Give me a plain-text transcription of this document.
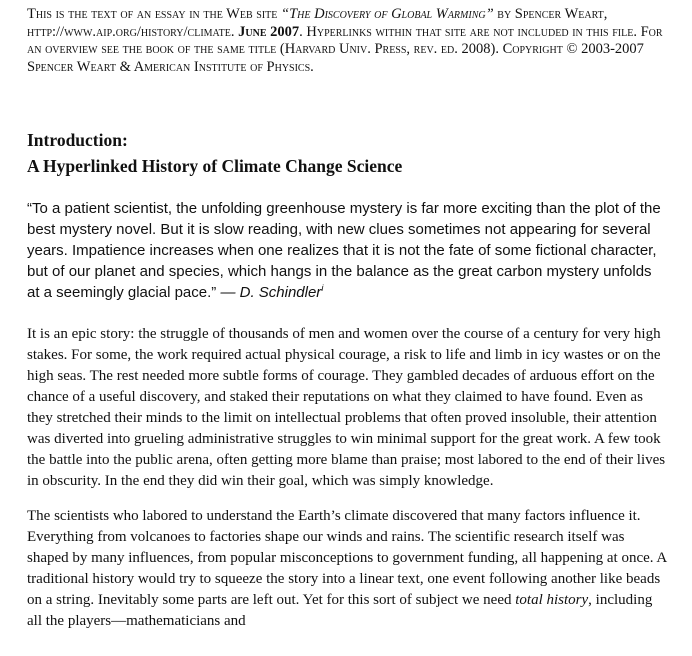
This is the text of an essay in the Web site “The Discovery of Global Warming” by Spencer Weart, http://www.aip.org/history/climate. June 2007. Hyperlinks within that site are not included in this file. For an overview see the book of the same title (Harvard Univ. Press, rev. ed. 2008). Copyright © 2003-2007 Spencer Weart & American Institute of Physics.

Introduction:
A Hyperlinked History of Climate Change Science

“To a patient scientist, the unfolding greenhouse mystery is far more exciting than the plot of the best mystery novel. But it is slow reading, with new clues sometimes not appearing for several years. Impatience increases when one realizes that it is not the fate of some fictional character, but of our planet and species, which hangs in the balance as the great carbon mystery unfolds at a seemingly glacial pace.” — D. Schindler$^i$

It is an epic story: the struggle of thousands of men and women over the course of a century for very high stakes. For some, the work required actual physical courage, a risk to life and limb in icy wastes or on the high seas. The rest needed more subtle forms of courage. They gambled decades of arduous effort on the chance of a useful discovery, and staked their reputations on what they claimed to have found. Even as they stretched their minds to the limit on intellectual problems that often proved insoluble, their attention was diverted into grueling administrative struggles to win minimal support for the great work. A few took the battle into the public arena, often getting more blame than praise; most labored to the end of their lives in obscurity. In the end they did win their goal, which was simply knowledge.

The scientists who labored to understand the Earth’s climate discovered that many factors influence it. Everything from volcanoes to factories shape our winds and rains. The scientific research itself was shaped by many influences, from popular misconceptions to government funding, all happening at once. A traditional history would try to squeeze the story into a linear text, one event following another like beads on a string. Inevitably some parts are left out. Yet for this sort of subject we need total history, including all the players—mathematicians and
